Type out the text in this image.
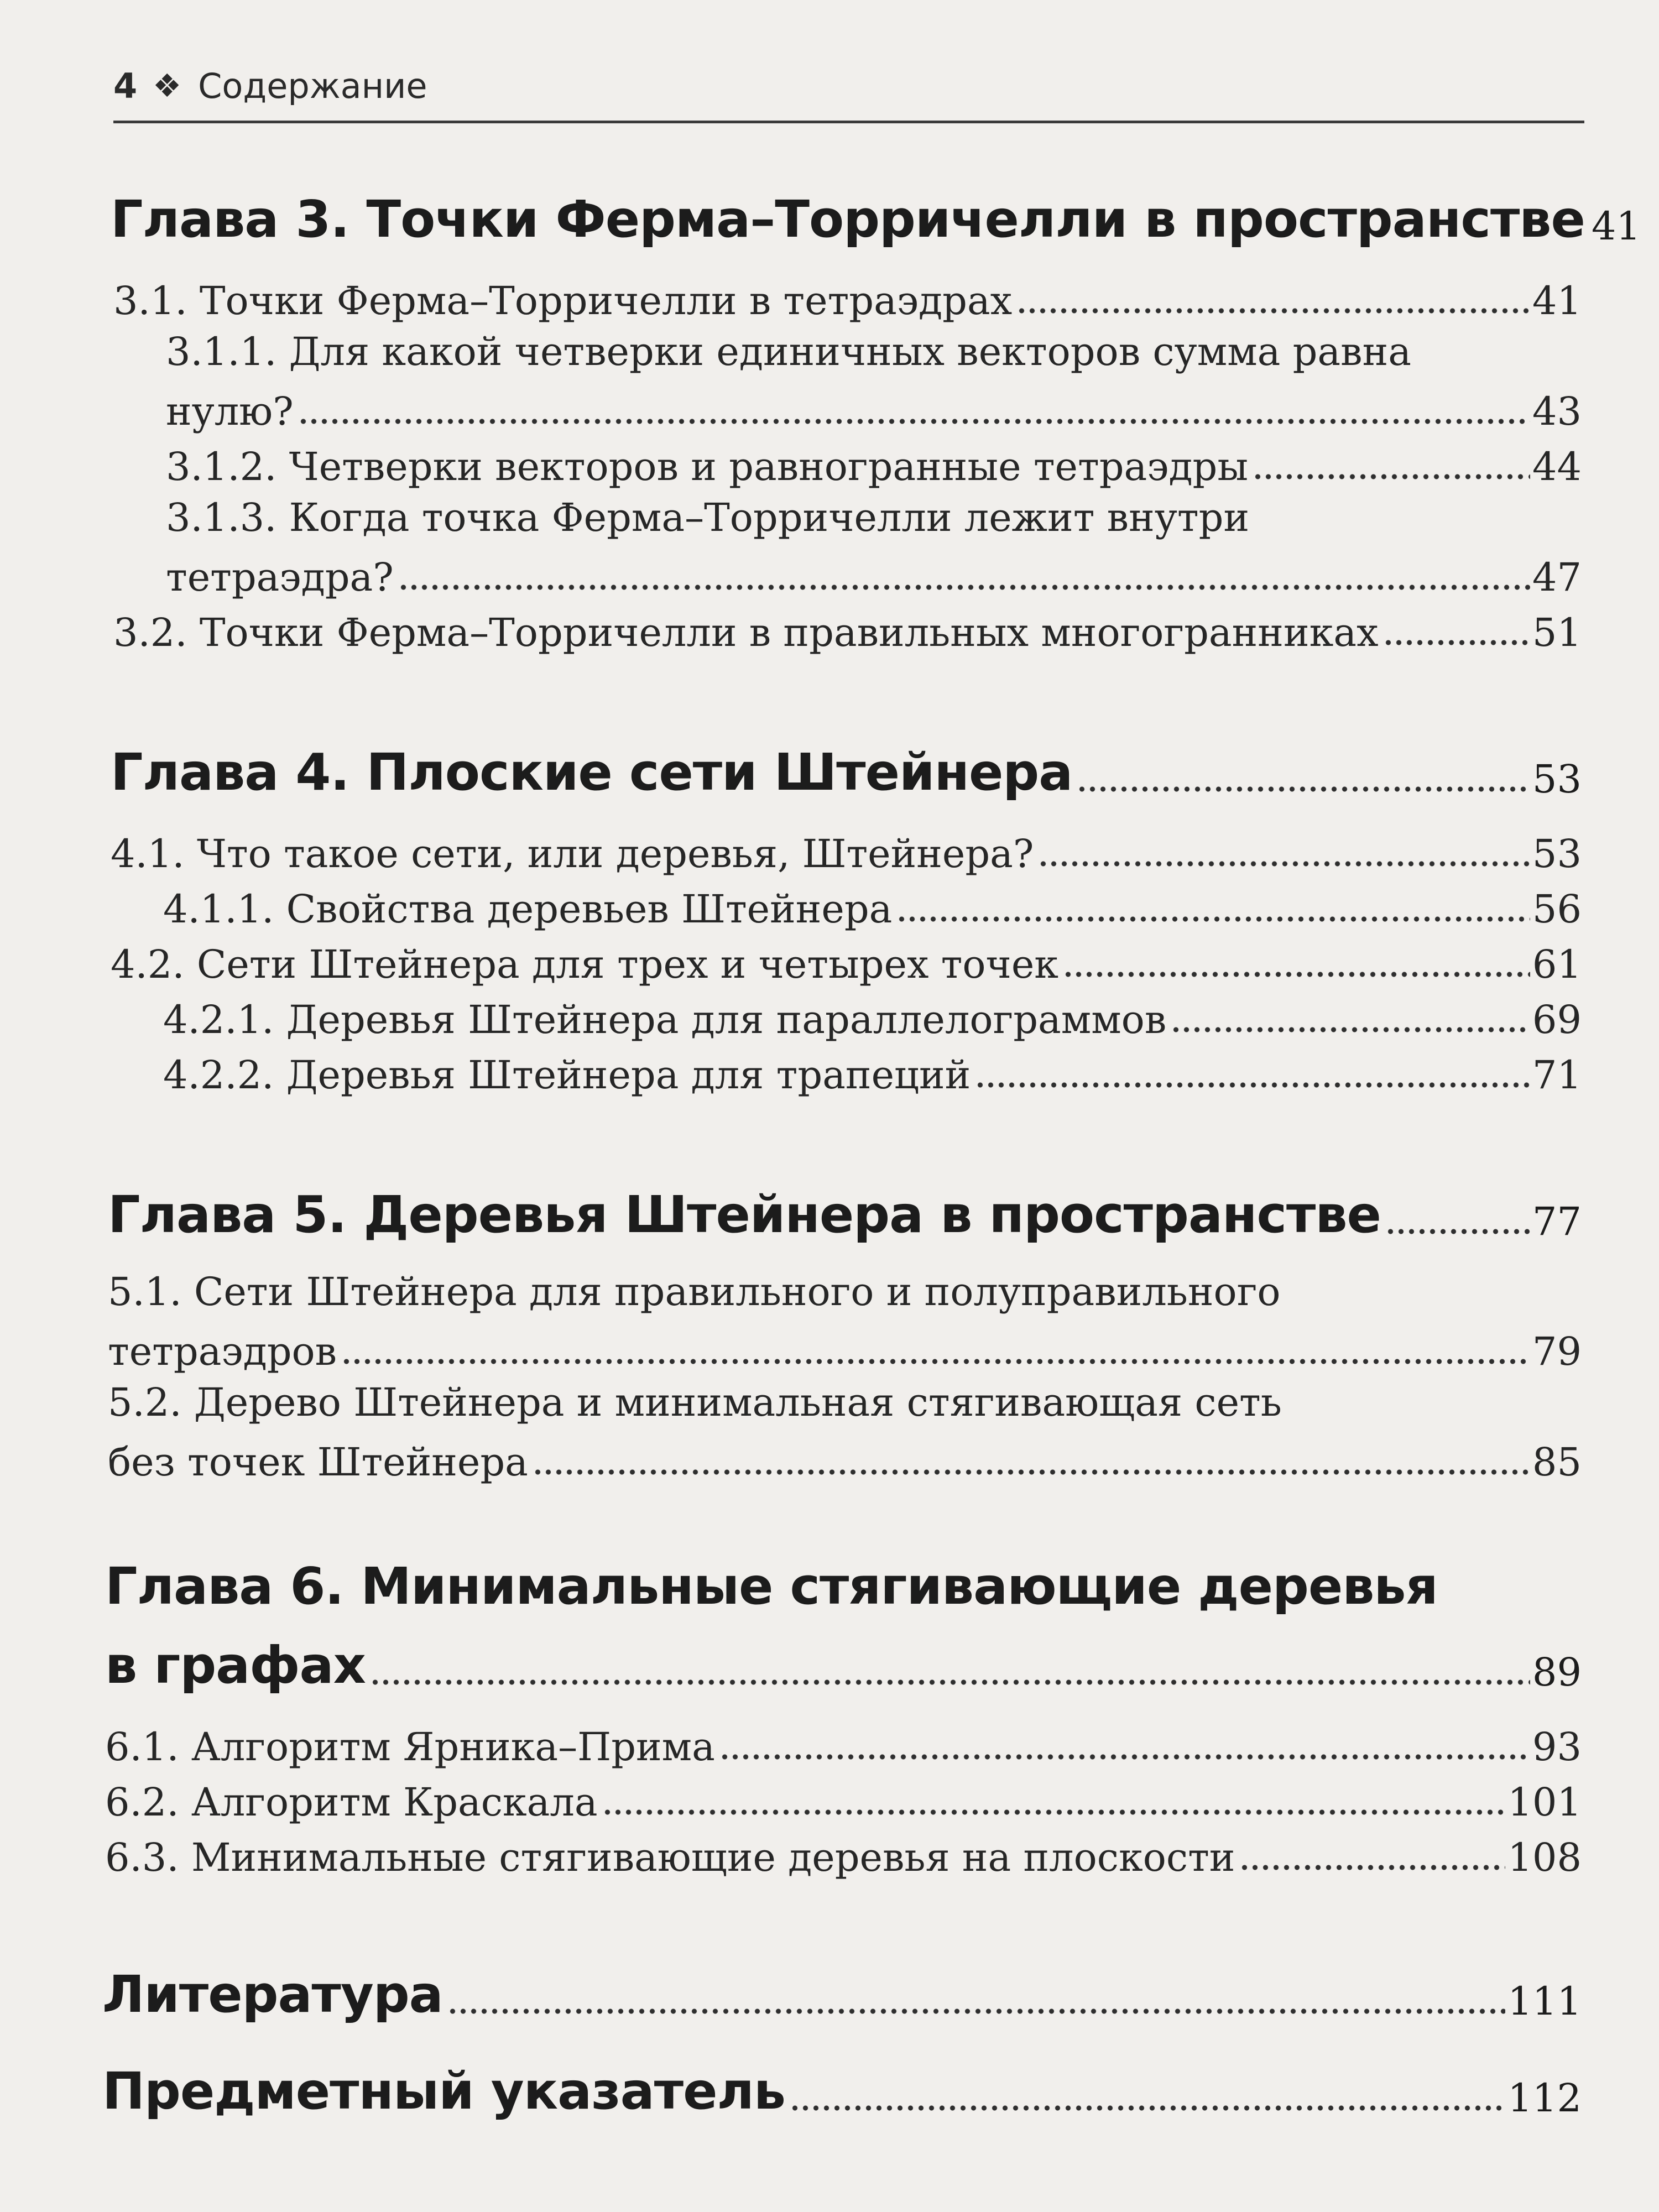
4 ❖ Содержание
Глава 3. Точки Ферма–Торричелли в пространстве 41
3.1. Точки Ферма–Торричелли в тетраэдрах	41
3.1.1. Для какой четверки единичных векторов сумма равна
нулю?	43
3.1.2. Четверки векторов и равногранные тетраэдры	44
3.1.3. Когда точка Ферма–Торричелли лежит внутри
тетраэдра?	47
3.2. Точки Ферма–Торричелли в правильных многогранниках	51
Глава 4. Плоские сети Штейнера	53
4.1. Что такое сети, или деревья, Штейнера?	53
4.1.1. Свойства деревьев Штейнера	56
4.2. Сети Штейнера для трех и четырех точек	61
4.2.1. Деревья Штейнера для параллелограммов	69
4.2.2. Деревья Штейнера для трапеций	71
Глава 5. Деревья Штейнера в пространстве	77
5.1. Сети Штейнера для правильного и полуправильного
тетраэдров	79
5.2. Дерево Штейнера и минимальная стягивающая сеть
без точек Штейнера	85
Глава 6. Минимальные стягивающие деревья
в графах	89
6.1. Алгоритм Ярника–Прима	93
6.2. Алгоритм Краскала	101
6.3. Минимальные стягивающие деревья на плоскости	108
Литература	111
Предметный указатель	112
